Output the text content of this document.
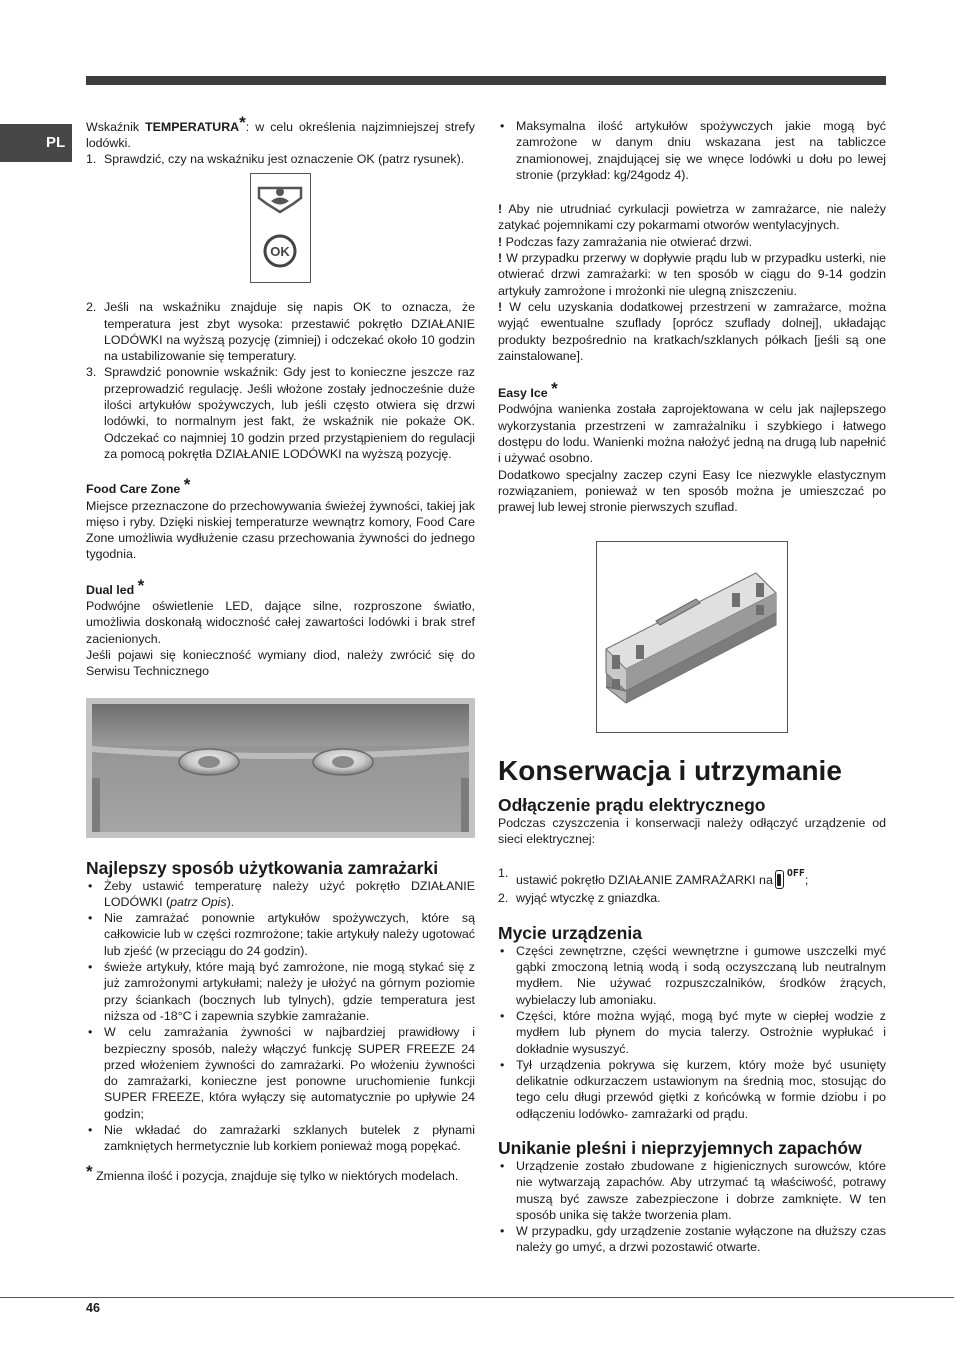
PL

Wskaźnik TEMPERATURA*: w celu określenia najzimniejszej strefy lodówki.

1. Sprawdzić, czy na wskaźniku jest oznaczenie OK (patrz rysunek).
OK
2. Jeśli na wskaźniku znajduje się napis OK to oznacza, że temperatura jest zbyt wysoka: przestawić pokrętło DZIAŁANIE LODÓWKI na wyższą pozycję (zimniej) i odczekać około 10 godzin na ustabilizowanie się temperatury.
3. Sprawdzić ponownie wskaźnik: Gdy jest to konieczne jeszcze raz przeprowadzić regulację. Jeśli włożone zostały jednocześnie duże ilości artykułów spożywczych, lub jeśli często otwiera się drzwi lodówki, to normalnym jest fakt, że wskaźnik nie pokaże OK. Odczekać co najmniej 10 godzin przed przystąpieniem do regulacji za pomocą pokrętła DZIAŁANIE LODÓWKI na wyższą pozycję.
Food Care Zone *

Miejsce przeznaczone do przechowywania świeżej żywności, takiej jak mięso i ryby. Dzięki niskiej temperaturze wewnątrz komory, Food Care Zone umożliwia wydłużenie czasu przechowania żywności do jednego tygodnia.

Dual led *

Podwójne oświetlenie LED, dające silne, rozproszone światło, umożliwia doskonałą widoczność całej zawartości lodówki i brak stref zacienionych.

Jeśli pojawi się konieczność wymiany diod, należy zwrócić się do Serwisu Technicznego

Najlepszy sposób użytkowania zamrażarki
• Żeby ustawić temperaturę należy użyć pokrętło DZIAŁANIE LODÓWKI (patrz Opis).
• Nie zamrażać ponownie artykułów spożywczych, które są całkowicie lub w części rozmrożone; takie artykuły należy ugotować lub zjeść (w przeciągu do 24 godzin).
• świeże artykuły, które mają być zamrożone, nie mogą stykać się z już zamrożonymi artykułami; należy je ułożyć na górnym poziomie przy ściankach (bocznych lub tylnych), gdzie temperatura jest niższa od -18°C i zapewnia szybkie zamrażanie.
• W celu zamrażania żywności w najbardziej prawidłowy i bezpieczny sposób, należy włączyć funkcję SUPER FREEZE 24 przed włożeniem żywności do zamrażarki. Po włożeniu żywności do zamrażarki, konieczne jest ponowne uruchomienie funkcji SUPER FREEZE, która wyłączy się automatycznie po upływie 24 godzin;
• Nie wkładać do zamrażarki szklanych butelek z płynami zamkniętych hermetycznie lub korkiem ponieważ mogą popękać.

* Zmienna ilość i pozycja, znajduje się tylko w niektórych modelach.

• Maksymalna ilość artykułów spożywczych jakie mogą być zamrożone w danym dniu wskazana jest na tabliczce znamionowej, znajdującej się we wnęce lodówki u dołu po lewej stronie (przykład: kg/24godz 4).

! Aby nie utrudniać cyrkulacji powietrza w zamrażarce, nie należy zatykać pojemnikami czy pokarmami otworów wentylacyjnych.

! Podczas fazy zamrażania nie otwierać drzwi.

! W przypadku przerwy w dopływie prądu lub w przypadku usterki, nie otwierać drzwi zamrażarki: w ten sposób w ciągu do 9-14 godzin artykuły zamrożone i mrożonki nie ulegną zniszczeniu.

! W celu uzyskania dodatkowej przestrzeni w zamrażarce, można wyjąć ewentualne szuflady [oprócz szuflady dolnej], układając produkty bezpośrednio na kratkach/szklanych półkach [jeśli są one zainstalowane].

Easy Ice *

Podwójna wanienka została zaprojektowana w celu jak najlepszego wykorzystania przestrzeni w zamrażalniku i szybkiego i łatwego dostępu do lodu. Wanienki można nałożyć jedną na drugą lub napełnić i używać osobno.

Dodatkowo specjalny zaczep czyni Easy Ice niezwykle elastycznym rozwiązaniem, ponieważ w ten sposób można je umieszczać po prawej lub lewej stronie pierwszych szuflad.

Konserwacja i utrzymanie
Odłączenie prądu elektrycznego

Podczas czyszczenia i konserwacji należy odłączyć urządzenie od sieci elektrycznej:

1. ustawić pokrętło DZIAŁANIE ZAMRAŻARKI na $^{OFF}$;
2. wyjąć wtyczkę z gniazdka.
Mycie urządzenia
• Części zewnętrzne, części wewnętrzne i gumowe uszczelki myć gąbki zmoczoną letnią wodą i sodą oczyszczaną lub neutralnym mydłem. Nie używać rozpuszczalników, środków żrących, wybielaczy lub amoniaku.
• Części, które można wyjąć, mogą być myte w ciepłej wodzie z mydłem lub płynem do mycia talerzy. Ostrożnie wypłukać i dokładnie wysuszyć.
• Tył urządzenia pokrywa się kurzem, który może być usunięty delikatnie odkurzaczem ustawionym na średnią moc, stosując do tego celu długi przewód giętki z końcówką w formie dziobu i po odłączeniu lodówko- zamrażarki od prądu.
Unikanie pleśni i nieprzyjemnych zapachów
• Urządzenie zostało zbudowane z higienicznych surowców, które nie wytwarzają zapachów. Aby utrzymać tą właściwość, potrawy muszą być zawsze zabezpieczone i dobrze zamknięte. W ten sposób unika się także tworzenia plam.
• W przypadku, gdy urządzenie zostanie wyłączone na dłuższy czas należy go umyć, a drzwi pozostawić otwarte.
46
